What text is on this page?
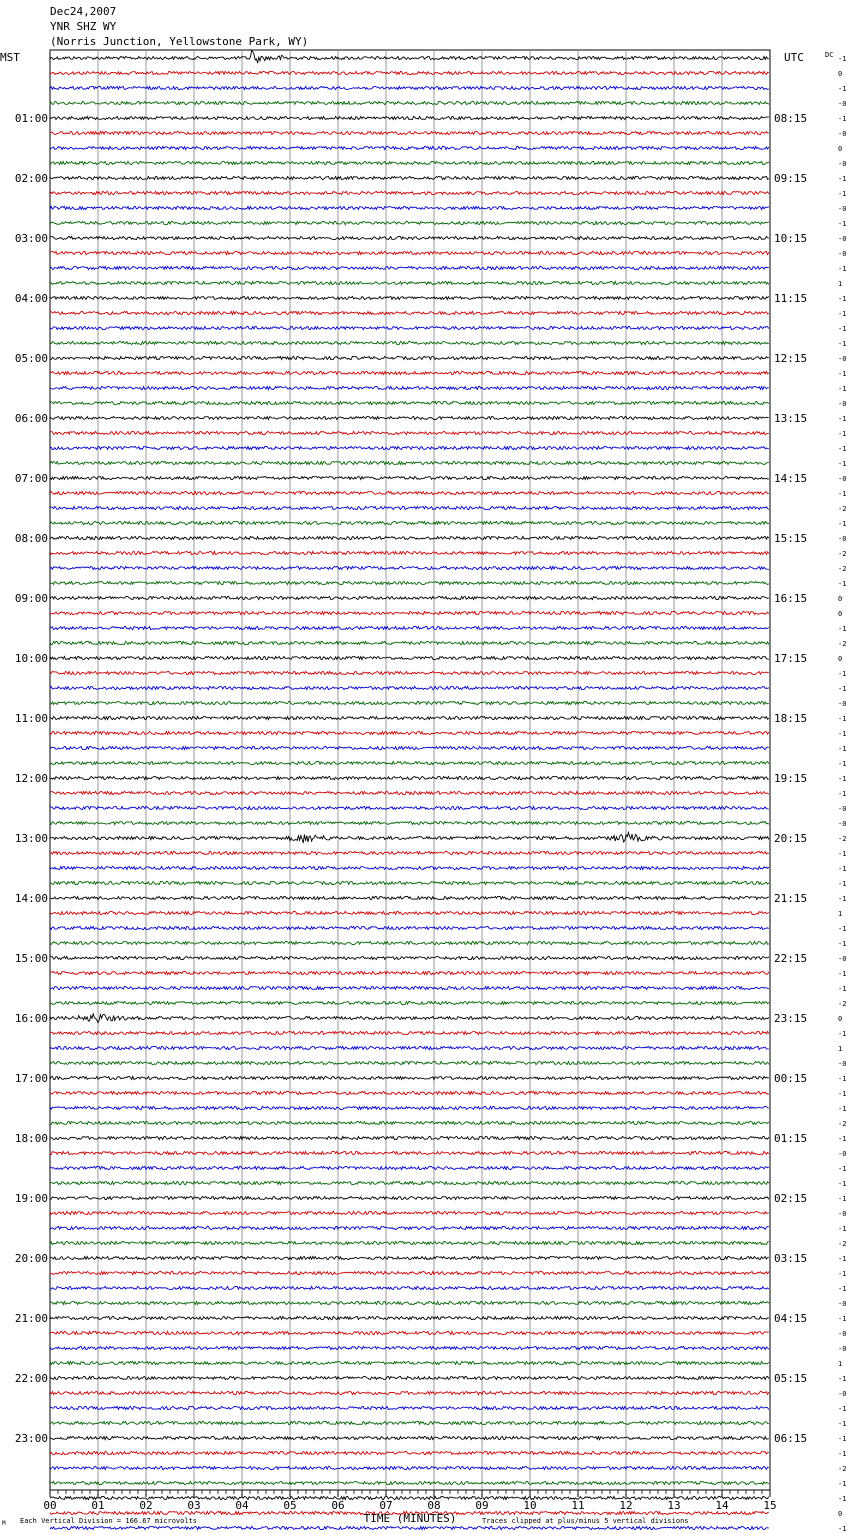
Dec24,2007
YNR SHZ WY
(Norris Junction, Yellowstone Park, WY)
-1
0
-1
-0
-1
-0
0
-0
-1
-1
-0
-1
-0
-0
-1
1
-1
-1
-1
-1
-0
-1
-1
-0
-1
-1
-1
-1
-0
-1
-2
-1
-0
-2
-2
-1
0
0
-1
-2
0
-1
-1
-0
-1
-1
-1
-1
-1
-1
-0
-0
-2
-1
-1
-1
-1
1
-1
-1
-0
-1
-1
-2
0
-1
1
-0
-1
-1
-1
-2
-1
-0
-1
-1
-1
-0
-1
-2
-1
-1
-1
-0
-1
-0
-0
1
-1
-0
-1
-1
-1
-1
-2
-1
-1
0
-1
MST	UTC	DC
01:00	08:15
02:00	09:15
03:00	10:15
04:00	11:15
05:00	12:15
06:00	13:15
07:00	14:15
08:00	15:15
09:00	16:15
10:00	17:15
11:00	18:15
12:00	19:15
13:00	20:15
14:00	21:15
15:00	22:15
16:00	23:15
17:00	00:15
18:00	01:15
19:00	02:15
20:00	03:15
21:00	04:15
22:00	05:15
23:00	06:15
00	01	02	03	04	05	06	07	08	09	10	11	12	13	14	15
TIME (MINUTES)
Each Vertical Division = 166.67 microvolts	Traces clipped at plus/minus 5 vertical divisions
M
